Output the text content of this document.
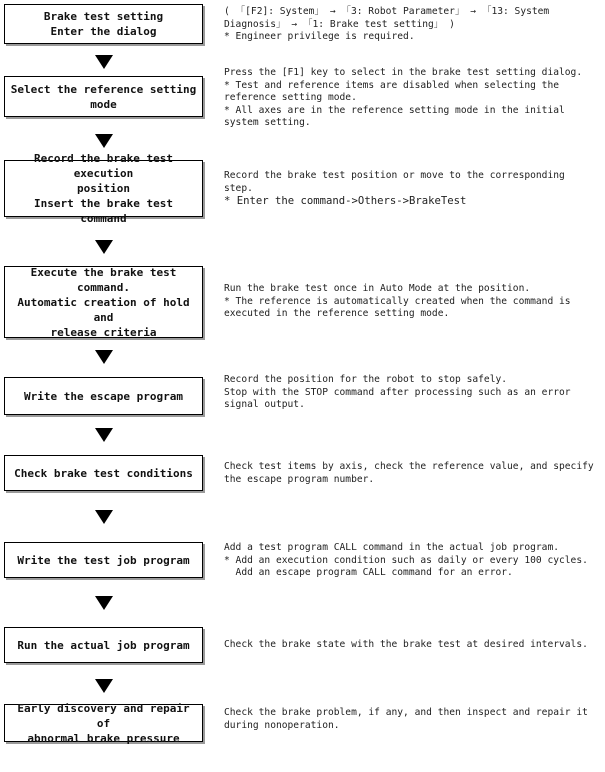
Brake test setting
Enter the dialog
( 「[F2]: System」 → 「3: Robot Parameter」 → 「13: System
Diagnosis」 → 「1: Brake test setting」 )
* Engineer privilege is required.
Select the reference setting
mode
Press the [F1] key to select in the brake test setting dialog.
* Test and reference items are disabled when selecting the
reference setting mode.
* All axes are in the reference setting mode in the initial
system setting.
Record the brake test execution
position
Insert the brake test command
Record the brake test position or move to the corresponding
step.
* Enter the command->Others->BrakeTest
Execute the brake test
command.
Automatic creation of hold and
release criteria
Run the brake test once in Auto Mode at the position.
* The reference is automatically created when the command is
executed in the reference setting mode.
Write the escape program
Record the position for the robot to stop safely.
Stop with the STOP command after processing such as an error
signal output.
Check brake test conditions	Check test items by axis, check the reference value, and specify
the escape program number.
Write the test job program
Add a test program CALL command in the actual job program.
* Add an execution condition such as daily or every 100 cycles.
Add an escape program CALL command for an error.
Run the actual job program	Check the brake state with the brake test at desired intervals.
Early discovery and repair of
abnormal brake pressure
Check the brake problem, if any, and then inspect and repair it
during nonoperation.
